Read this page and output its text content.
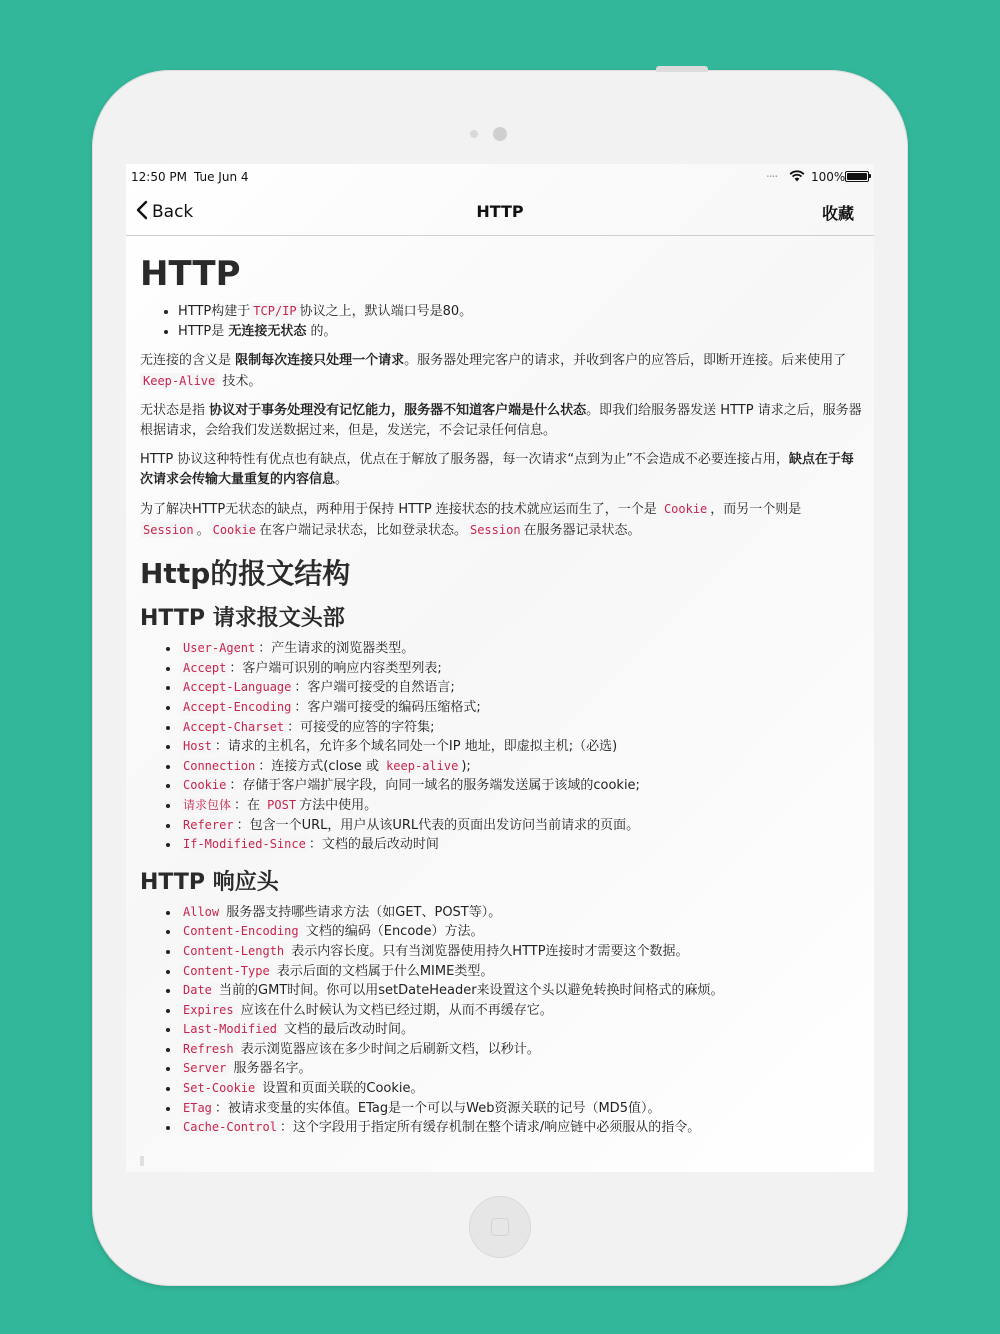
12:50 PM Tue Jun 4	....	100%
Back	HTTP	收藏
HTTP
• HTTP构建于 TCP/IP 协议之上，默认端口号是80。
• HTTP是 无连接无状态 的。

无连接的含义是 限制每次连接只处理一个请求。服务器处理完客户的请求，并收到客户的应答后，即断开连接。后来使用了 Keep-Alive 技术。

无状态是指 协议对于事务处理没有记忆能力，服务器不知道客户端是什么状态。即我们给服务器发送 HTTP 请求之后，服务器根据请求，会给我们发送数据过来，但是，发送完，不会记录任何信息。

HTTP 协议这种特性有优点也有缺点，优点在于解放了服务器，每一次请求“点到为止”不会造成不必要连接占用，缺点在于每次请求会传输大量重复的内容信息。

为了解决HTTP无状态的缺点，两种用于保持 HTTP 连接状态的技术就应运而生了，一个是 Cookie ，而另一个则是 Session 。 Cookie 在客户端记录状态，比如登录状态。 Session 在服务器记录状态。

Http的报文结构
HTTP 请求报文头部
• User-Agent ：产生请求的浏览器类型。
• Accept ：客户端可识别的响应内容类型列表;
• Accept-Language ：客户端可接受的自然语言;
• Accept-Encoding ：客户端可接受的编码压缩格式;
• Accept-Charset ：可接受的应答的字符集;
• Host ：请求的主机名，允许多个域名同处一个IP 地址，即虚拟主机;（必选)
• Connection ：连接方式(close 或 keep-alive );
• Cookie ：存储于客户端扩展字段，向同一域名的服务端发送属于该域的cookie;
• 请求包体 ：在 POST 方法中使用。
• Referer ：包含一个URL，用户从该URL代表的页面出发访问当前请求的页面。
• If-Modified-Since ：文档的最后改动时间
HTTP 响应头
• Allow 服务器支持哪些请求方法（如GET、POST等）。
• Content-Encoding 文档的编码（Encode）方法。
• Content-Length 表示内容长度。只有当浏览器使用持久HTTP连接时才需要这个数据。
• Content-Type 表示后面的文档属于什么MIME类型。
• Date 当前的GMT时间。你可以用setDateHeader来设置这个头以避免转换时间格式的麻烦。
• Expires 应该在什么时候认为文档已经过期，从而不再缓存它。
• Last-Modified 文档的最后改动时间。
• Refresh 表示浏览器应该在多少时间之后刷新文档，以秒计。
• Server 服务器名字。
• Set-Cookie 设置和页面关联的Cookie。
• ETag ：被请求变量的实体值。ETag是一个可以与Web资源关联的记号（MD5值）。
• Cache-Control ：这个字段用于指定所有缓存机制在整个请求/响应链中必须服从的指令。
